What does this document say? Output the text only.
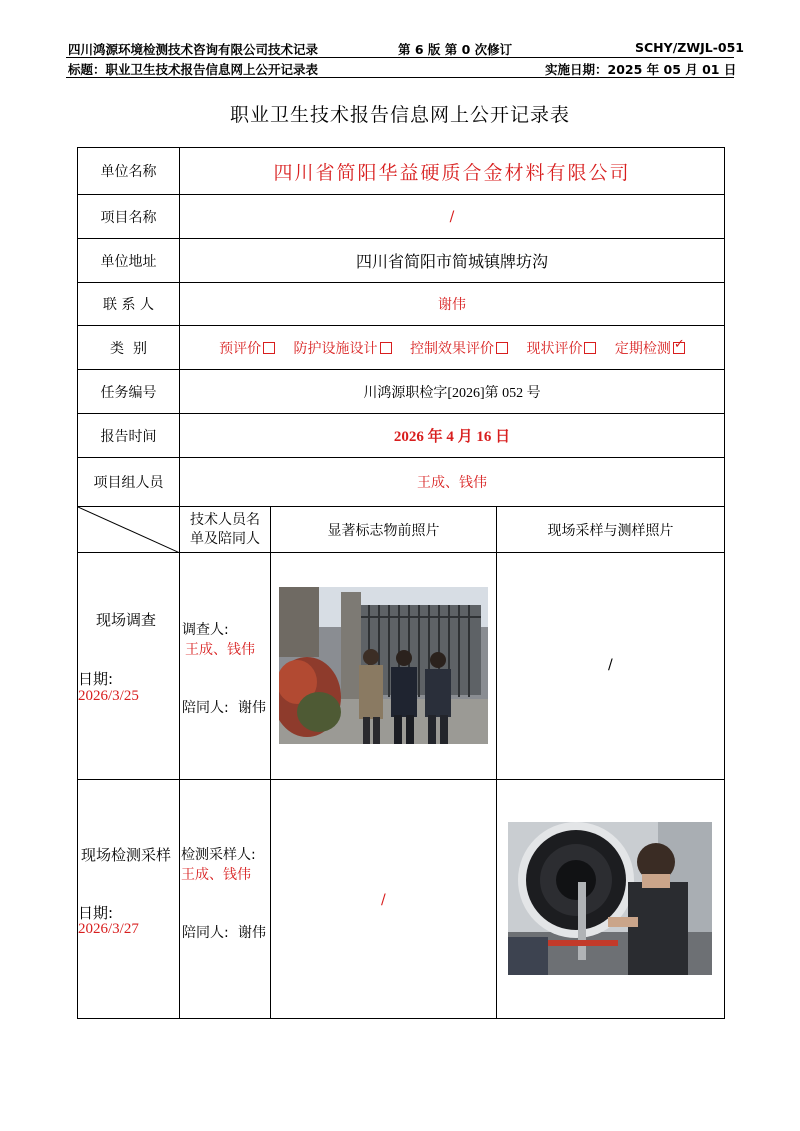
四川鸿源环境检测技术咨询有限公司技术记录	第 6 版 第 0 次修订	SCHY/ZWJL-051
标题：职业卫生技术报告信息网上公开记录表	实施日期：2025 年 05 月 01 日
职业卫生技术报告信息网上公开记录表
单位名称	四川省简阳华益硬质合金材料有限公司		
项目名称	/		
单位地址	四川省简阳市简城镇牌坊沟		
联 系 人	谢伟		
类  别	预评价 防护设施设计 控制效果评价 现状评价 定期检测✓
任务编号	川鸿源职检字[2026]第 052 号		
报告时间	2026 年 4 月 16 日		
项目组人员	王成、钱伟		

	技术人员名单及陪同人	显著标志物前照片	现场采样与测样照片

现场调查
日期:
2026/3/25	调查人:
王成、钱伟
陪同人: 谢伟		/

现场检测采样
日期:
2026/3/27	检测采样人:
王成、钱伟
陪同人: 谢伟	/
